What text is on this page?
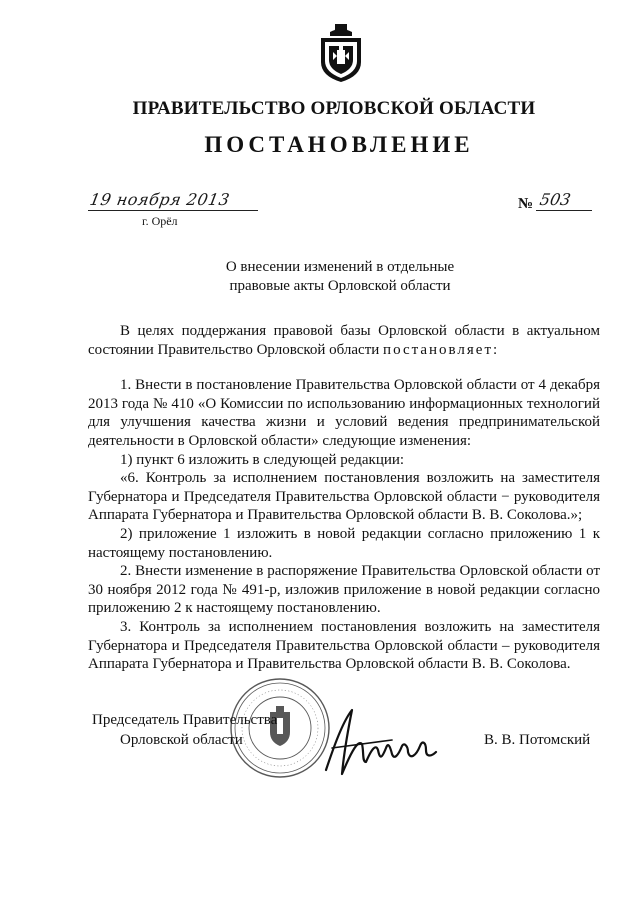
ПРАВИТЕЛЬСТВО ОРЛОВСКОЙ ОБЛАСТИ
ПОСТАНОВЛЕНИЕ
19 ноября 2013
г. Орёл
№ 503
О внесении изменений в отдельные
правовые акты Орловской области

В целях поддержания правовой базы Орловской области в актуальном состоянии Правительство Орловской области постановляет:

1. Внести в постановление Правительства Орловской области от 4 декабря 2013 года № 410 «О Комиссии по использованию информационных технологий для улучшения качества жизни и условий ведения предпринимательской деятельности в Орловской области» следующие изменения:

1) пункт 6 изложить в следующей редакции:

«6. Контроль за исполнением постановления возложить на заместителя Губернатора и Председателя Правительства Орловской области − руководителя Аппарата Губернатора и Правительства Орловской области В. В. Соколова.»;

2) приложение 1 изложить в новой редакции согласно приложению 1 к настоящему постановлению.

2. Внести изменение в распоряжение Правительства Орловской области от 30 ноября 2012 года № 491-р, изложив приложение в новой редакции согласно приложению 2 к настоящему постановлению.

3. Контроль за исполнением постановления возложить на заместителя Губернатора и Председателя Правительства Орловской области – руководителя Аппарата Губернатора и Правительства Орловской области В. В. Соколова.

Председатель Правительства
Орловской области	В. В. Потомский
